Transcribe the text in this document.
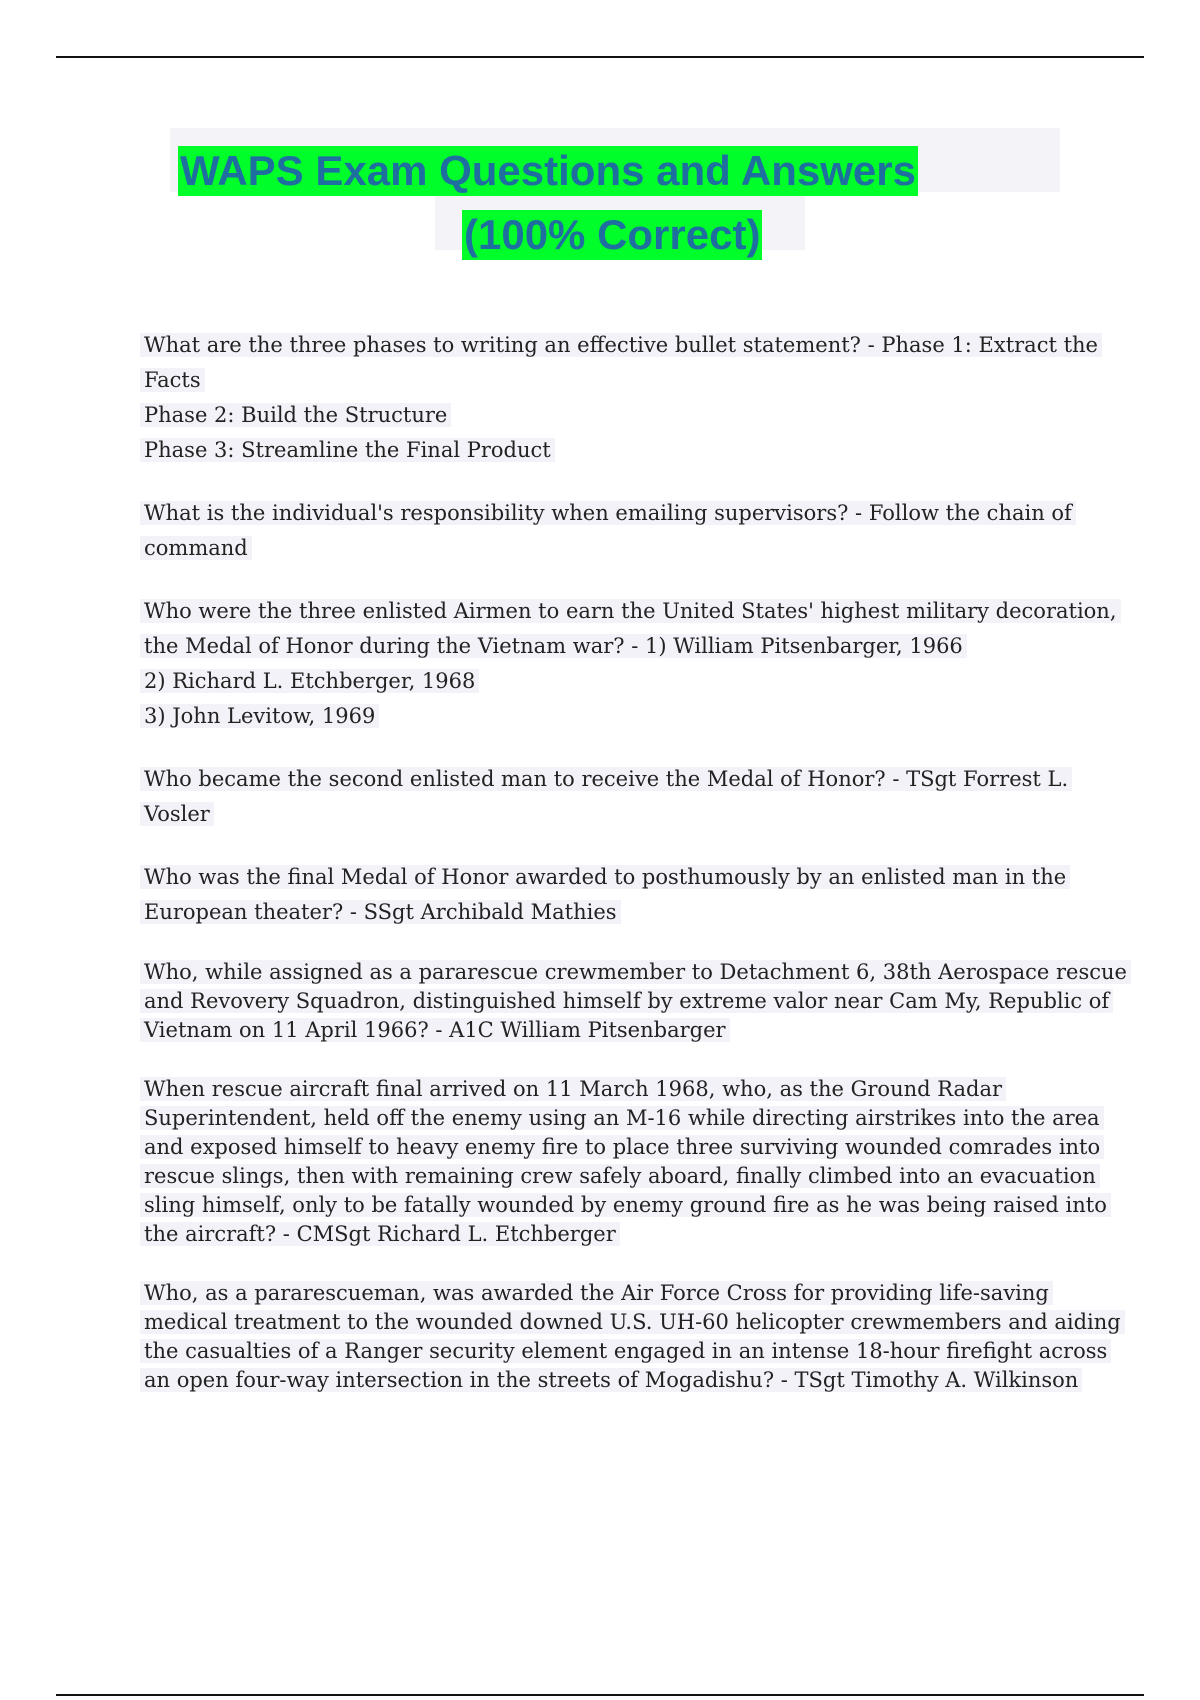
WAPS Exam Questions and Answers
(100% Correct)
What are the three phases to writing an effective bullet statement? - Phase 1: Extract the
Facts
Phase 2: Build the Structure
Phase 3: Streamline the Final Product
What is the individual's responsibility when emailing supervisors? - Follow the chain of
command
Who were the three enlisted Airmen to earn the United States' highest military decoration,
the Medal of Honor during the Vietnam war? - 1) William Pitsenbarger, 1966
2) Richard L. Etchberger, 1968
3) John Levitow, 1969
Who became the second enlisted man to receive the Medal of Honor? - TSgt Forrest L.
Vosler
Who was the final Medal of Honor awarded to posthumously by an enlisted man in the
European theater? - SSgt Archibald Mathies
Who, while assigned as a pararescue crewmember to Detachment 6, 38th Aerospace rescue
and Revovery Squadron, distinguished himself by extreme valor near Cam My, Republic of
Vietnam on 11 April 1966? - A1C William Pitsenbarger
When rescue aircraft final arrived on 11 March 1968, who, as the Ground Radar
Superintendent, held off the enemy using an M-16 while directing airstrikes into the area
and exposed himself to heavy enemy fire to place three surviving wounded comrades into
rescue slings, then with remaining crew safely aboard, finally climbed into an evacuation
sling himself, only to be fatally wounded by enemy ground fire as he was being raised into
the aircraft? - CMSgt Richard L. Etchberger
Who, as a pararescueman, was awarded the Air Force Cross for providing life-saving
medical treatment to the wounded downed U.S. UH-60 helicopter crewmembers and aiding
the casualties of a Ranger security element engaged in an intense 18-hour firefight across
an open four-way intersection in the streets of Mogadishu? - TSgt Timothy A. Wilkinson
